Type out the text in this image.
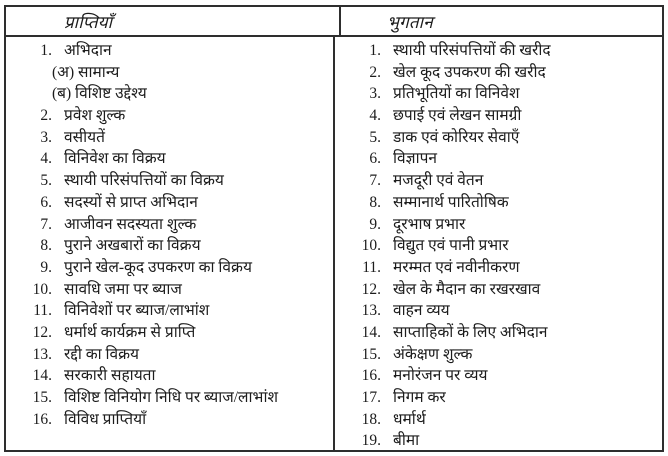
प्राप्तियाँ	भुगतान
1. अभिदान
(अ) सामान्य
(ब) विशिष्ट उद्देश्य
2. प्रवेश शुल्क
3. वसीयतें
4. विनिवेश का विक्रय
5. स्थायी परिसंपत्तियों का विक्रय
6. सदस्यों से प्राप्त अभिदान
7. आजीवन सदस्यता शुल्क
8. पुराने अखबारों का विक्रय
9. पुराने खेल-कूद उपकरण का विक्रय
10. सावधि जमा पर ब्याज
11. विनिवेशों पर ब्याज/लाभांश
12. धर्मार्थ कार्यक्रम से प्राप्ति
13. रद्दी का विक्रय
14. सरकारी सहायता
15. विशिष्ट विनियोग निधि पर ब्याज/लाभांश
16. विविध प्राप्तियाँ
1. स्थायी परिसंपत्तियों की खरीद
2. खेल कूद उपकरण की खरीद
3. प्रतिभूतियों का विनिवेश
4. छपाई एवं लेखन सामग्री
5. डाक एवं कोरियर सेवाएँ
6. विज्ञापन
7. मजदूरी एवं वेतन
8. सम्मानार्थ पारितोषिक
9. दूरभाष प्रभार
10. विद्युत एवं पानी प्रभार
11. मरम्मत एवं नवीनीकरण
12. खेल के मैदान का रखरखाव
13. वाहन व्यय
14. साप्ताहिकों के लिए अभिदान
15. अंकेक्षण शुल्क
16. मनोरंजन पर व्यय
17. निगम कर
18. धर्मार्थ
19. बीमा
